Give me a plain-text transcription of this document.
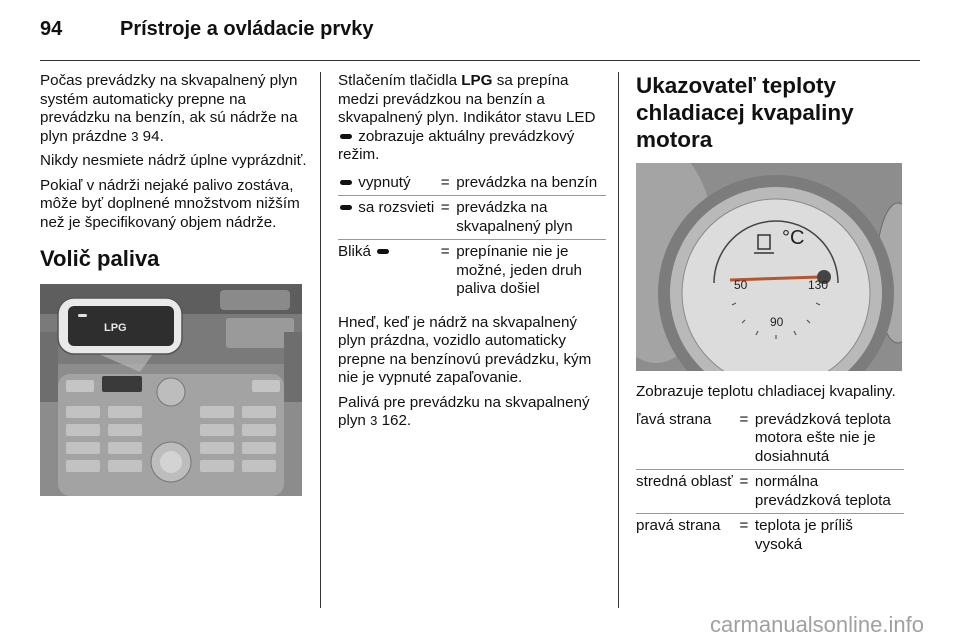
94	Prístroje a ovládacie prvky

Počas prevádzky na skvapalnený plyn systém automaticky prepne na prevádzku na benzín, ak sú nádrže na plyn prázdne 3 94.

Nikdy nesmiete nádrž úplne vyprázdniť.

Pokiaľ v nádrži nejaké palivo zostáva, môže byť doplnené množstvom nižším než je špecifikovaný objem nádrže.

Volič paliva
LPG

Stlačením tlačidla LPG sa prepína medzi prevádzkou na benzín a skvapalnený plyn. Indikátor stavu LED  zobrazuje aktuálny prevádzkový režim.

vypnutý	=	prevádzka na benzín
sa rozsvieti	=	prevádzka na skvapalnený plyn
Bliká	=	prepínanie nie je možné, jeden druh paliva došiel

Hneď, keď je nádrž na skvapalnený plyn prázdna, vozidlo automaticky prepne na benzínovú prevádzku, kým nie je vypnuté zapaľovanie.

Palivá pre prevádzku na skvapalnený plyn 3 162.

Ukazovateľ teploty chladiacej kvapaliny motora
°C
50	130
90

Zobrazuje teplotu chladiacej kvapaliny.

ľavá strana	=	prevádzková teplota motora ešte nie je dosiahnutá
stredná oblasť	=	normálna prevádzková teplota
pravá strana	=	teplota je príliš vysoká
carmanualsonline.info
